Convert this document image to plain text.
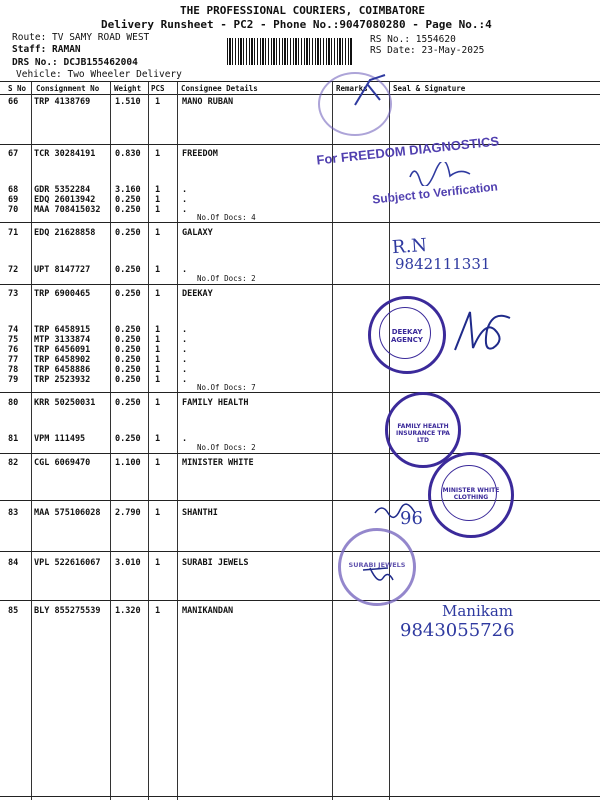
THE PROFESSIONAL COURIERS, COIMBATORE
Delivery Runsheet - PC2 - Phone No.:9047080280 - Page No.:4
Route: TV SAMY ROAD WEST
Staff: RAMAN
DRS No.: DCJB155462004
Vehicle: Two Wheeler Delivery
RS No.: 1554620
RS Date: 23-May-2025
S No Consignment No Weight PCS Consignee Details	Remarks	Seal & Signature
66 TRP 4138769	1.510 1	MANO RUBAN
67 TCR 30284191 0.830 1	FREEDOM
68 GDR 5352284	3.160 1	.
69 EDQ 26013942 0.250 1	.
70 MAA 708415032 0.250 1	.
No.Of Docs: 4
71 EDQ 21628858 0.250 1	GALAXY
72 UPT 8147727	0.250 1	.
No.Of Docs: 2
73 TRP 6900465	0.250 1	DEEKAY
74 TRP 6458915	0.250 1	.
75 MTP 3133874	0.250 1	.
76 TRP 6456091	0.250 1	.
77 TRP 6458902	0.250 1	.
78 TRP 6458886	0.250 1	.
79 TRP 2523932	0.250 1	.
No.Of Docs: 7
80 KRR 50250031 0.250 1	FAMILY HEALTH
81 VPM 111495	0.250 1	.
No.Of Docs: 2
82 CGL 6069470	1.100 1	MINISTER WHITE
83 MAA 575106028 2.790 1	SHANTHI
84 VPL 522616067 3.010 1	SURABI JEWELS
85 BLY 855275539 1.320 1	MANIKANDAN
For FREEDOM DIAGNOSTICS
Subject to Verification
R.N
9842111331
DEEKAY AGENCY
FAMILY HEALTH INSURANCE TPA LTD
MINISTER WHITE CLOTHING
96
SURABI JEWELS
Manikam
9843055726
